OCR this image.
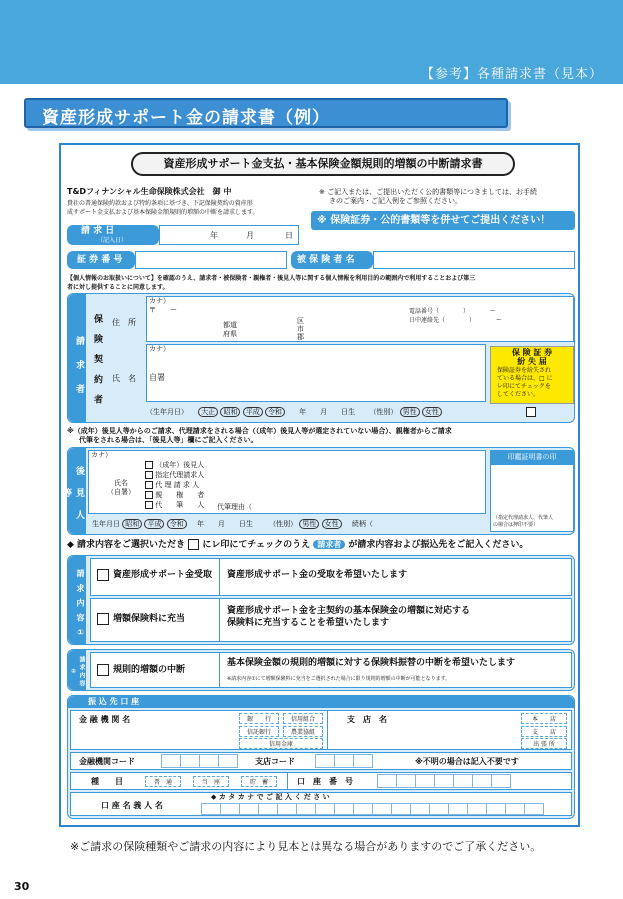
【参考】各種請求書（見本）
資産形成サポート金の請求書（例）
資産形成サポート金支払・基本保険金額規則的増額の中断請求書
T&Dフィナンシャル生命保険株式会社　御 中
貴社の普通保険約款および特約条項に基づき、下記保険契約の資産形
成サポート金支払および基本保険金額規則的増額の中断を請求します。
※ ご記入または、ご提出いただく公的書類等につきましては、お手続
きのご案内・ご記入例をご参照ください。
※ 保険証券・公的書類等を併せてご提出ください！
請 求 日
（記入日）
年	月	日
証 券 番 号	被 保 険 者 名
【個人情報のお取扱いについて】を確認のうえ、請求者・被保険者・親権者・後見人等に関する個人情報を利用目的の範囲内で利用することおよび第三
者に対し提供することに同意します。
請 求 者 保 険 契 約 者 住　所
カナ）
〒　　ー
都道
府県
区
市
郡
電話番号（　　　　）　　　　ー
日中連絡先（　　　　）　　　　ー
氏　名
カナ）
自署
（生年月日） 大正 昭和 平成 令和 年　　月　　日生 （性別） 男性 女性
保 険 証 券
紛 失 届
保険証券を紛失され
ている場合は、□ に
レ印にてチェックを
してください。
※（成年）後見人等からのご請求、代理請求をされる場合（（成年）後見人等が選定されていない場合）、親権者からご請求
代筆をされる場合は、「後見人等」欄にご記入ください。
後 見 人 等
カナ）
氏名
（自署）
（成年）後見人
指定代理請求人
代 理 請 求 人
親　　権　　者
代　　筆　　人 代筆理由（
生年月日 昭和 平成 令和 年　　月　　日生 （性別） 男性 女性 続柄（
印鑑証明書の印
（指定代理請求人、代筆人
の場合は押印不要）
◆ 請求内容をご選択いただき にレ印にてチェックのうえ 請求者 が請求内容および振込先をご記入ください。
請 求 内 容 ①	資産形成サポート金受取 資産形成サポート金の受取を希望いたします
増額保険料に充当
資産形成サポート金を主契約の基本保険金の増額に対応する
保険料に充当することを希望いたします
請 求 内 容 ②	規則的増額の中断
基本保険金額の規則的増額に対する保険料振替の中断を希望いたします
※請求内容①にて増額保険料に充当をご選択された場合に限り規則的増額の中断が可能となります。
振 込 先 口 座
金 融 機 関 名	銀　　行	信用組合
信託銀行	農業協組
信用金庫
支　店　名	本　　店
支　　店
出 張 所
金融機関コード	支店コード	※不明の場合は記入不要です
種　　目	普　通	当　座	貯　蓄	口　座　番　号
口 座 名 義 人 名
◆ カ タ カ ナ で ご 記 入 く だ さ い
※ご請求の保険種類やご請求の内容により見本とは異なる場合がありますのでご了承ください。
30
